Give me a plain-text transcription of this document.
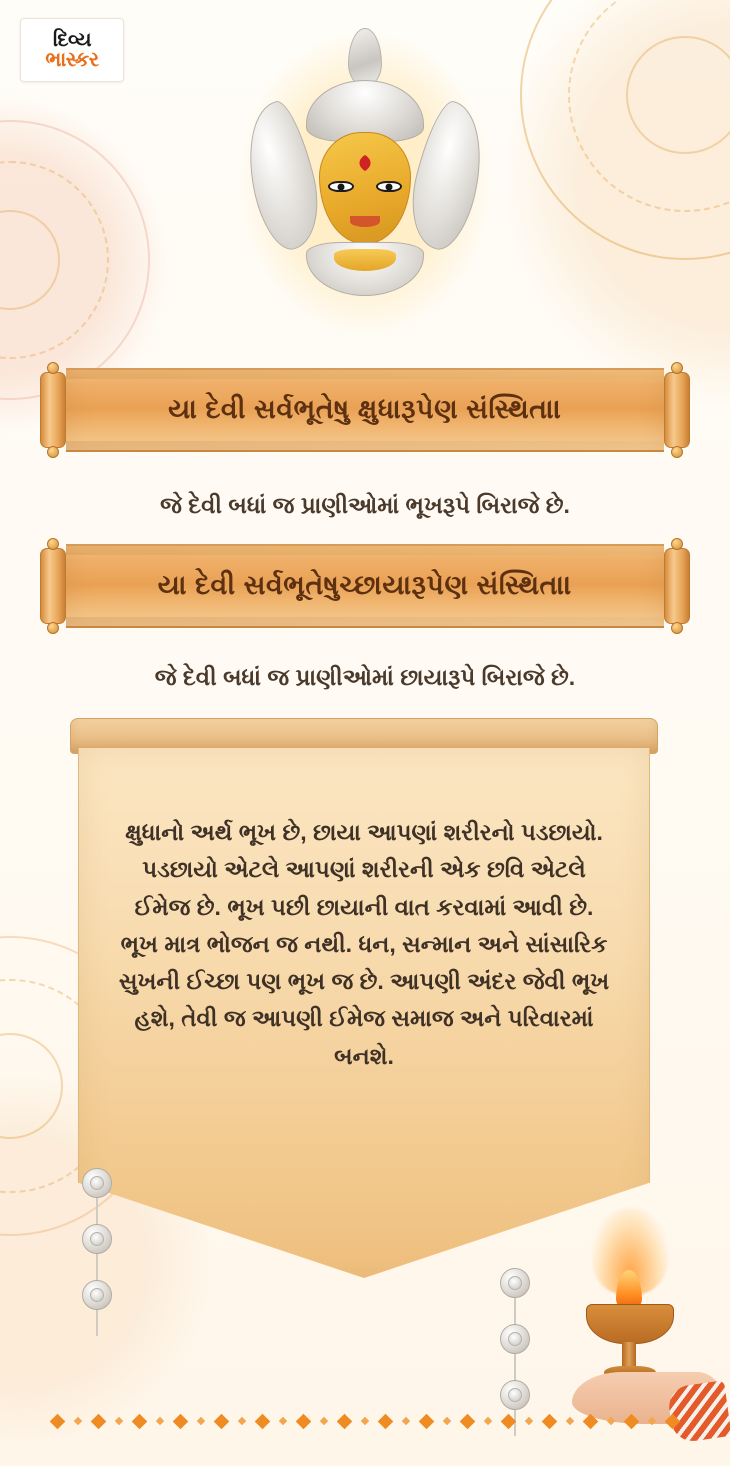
દિવ્ય
ભાસ્કર
યા દેવી સર્વભૂતેષુ ક્ષુધારૂપેણ સંસ્થિતા।
જે દેવી બધાં જ પ્રાણીઓમાં ભૂખરૂપે બિરાજે છે.
યા દેવી સર્વભૂતેષુચ્છાયારૂપેણ સંસ્થિતા।
જે દેવી બધાં જ પ્રાણીઓમાં છાયારૂપે બિરાજે છે.
ક્ષુધાનો અર્થ ભૂખ છે, છાયા આપણાં શરીરનો પડછાયો. પડછાયો એટલે આપણાં શરીરની એક છવિ એટલે ઈમેજ છે. ભૂખ પછી છાયાની વાત કરવામાં આવી છે. ભૂખ માત્ર ભોજન જ નથી. ધન, સન્માન અને સાંસારિક સુખની ઈચ્છા પણ ભૂખ જ છે. આપણી અંદર જેવી ભૂખ હશે, તેવી જ આપણી ઈમેજ સમાજ અને પરિવારમાં બનશે.
